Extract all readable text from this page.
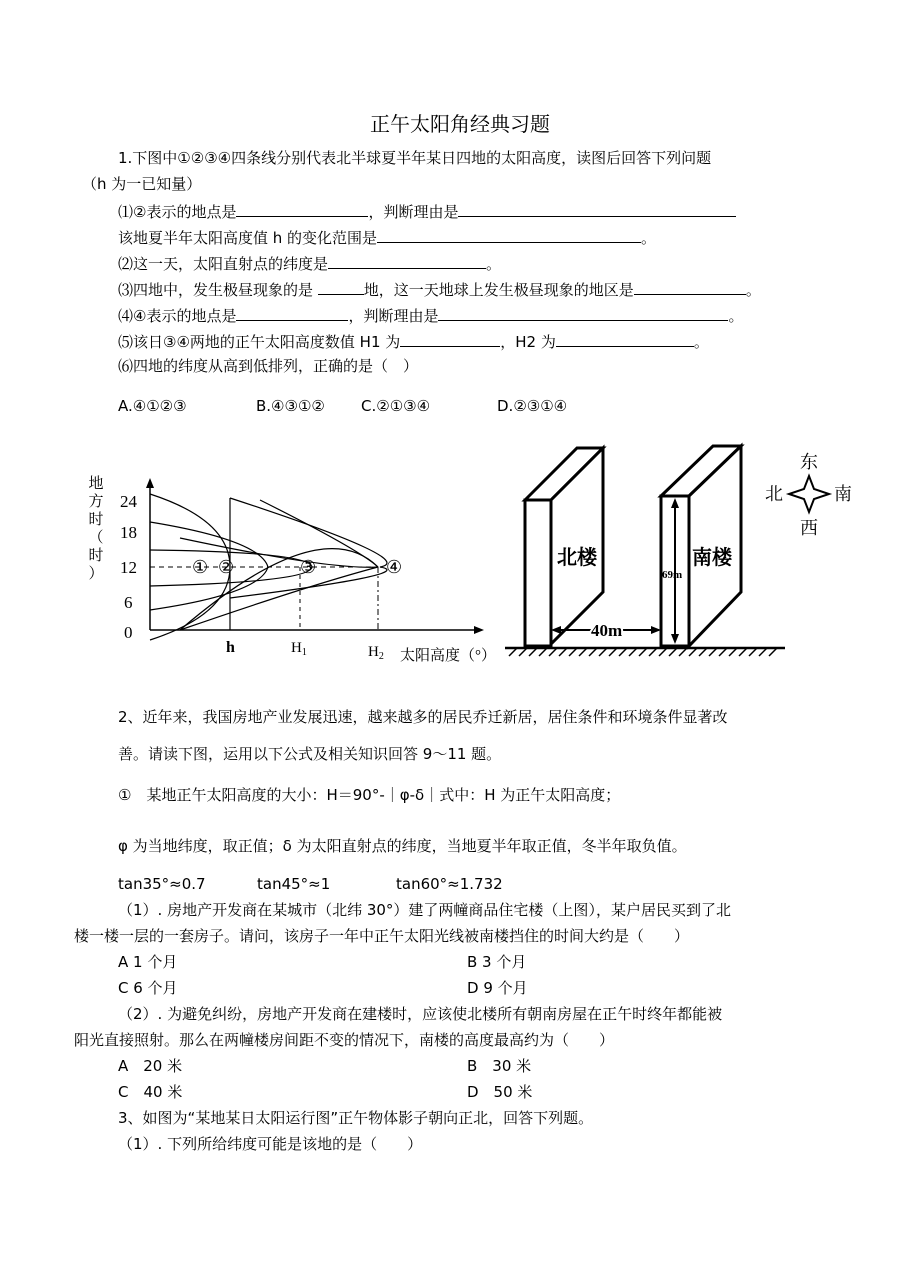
正午太阳角经典习题
1.下图中①②③④四条线分别代表北半球夏半年某日四地的太阳高度，读图后回答下列问题
（h 为一已知量）
⑴②表示的地点是	，判断理由是
该地夏半年太阳高度值 h 的变化范围是	。
⑵这一天，太阳直射点的纬度是	。
⑶四地中，发生极昼现象的是	地，这一天地球上发生极昼现象的地区是	。
⑷④表示的地点是	，判断理由是	。
⑸该日③④两地的正午太阳高度数值 H1 为	，H2 为	。
⑹四地的纬度从高到低排列，正确的是（　）
A.④①②③	B.④③①② C.②①③④	D.②③①④
地
方
时
（
时
）
24
18
12
6
0
① ②	③	④
h	$H_1$	$H_2$ 太阳高度（°）
北楼	南楼
69m
40m
东
北	南
西
2、近年来，我国房地产业发展迅速，越来越多的居民乔迁新居，居住条件和环境条件显著改
善。请读下图，运用以下公式及相关知识回答 9～11 题。
①　某地正午太阳高度的大小：H＝90°-｜φ-δ｜式中：H 为正午太阳高度；
φ 为当地纬度，取正值；δ 为太阳直射点的纬度，当地夏半年取正值，冬半年取负值。
tan35°≈0.7	tan45°≈1	tan60°≈1.732
（1）. 房地产开发商在某城市（北纬 30°）建了两幢商品住宅楼（上图），某户居民买到了北
楼一楼一层的一套房子。请问，该房子一年中正午太阳光线被南楼挡住的时间大约是（　　）
A 1 个月	B 3 个月
C 6 个月	D 9 个月
（2）. 为避免纠纷，房地产开发商在建楼时，应该使北楼所有朝南房屋在正午时终年都能被
阳光直接照射。那么在两幢楼房间距不变的情况下，南楼的高度最高约为（　　）
A　20 米	B　30 米
C　40 米	D　50 米
3、如图为“某地某日太阳运行图”正午物体影子朝向正北，回答下列题。
（1）. 下列所给纬度可能是该地的是（　　）
